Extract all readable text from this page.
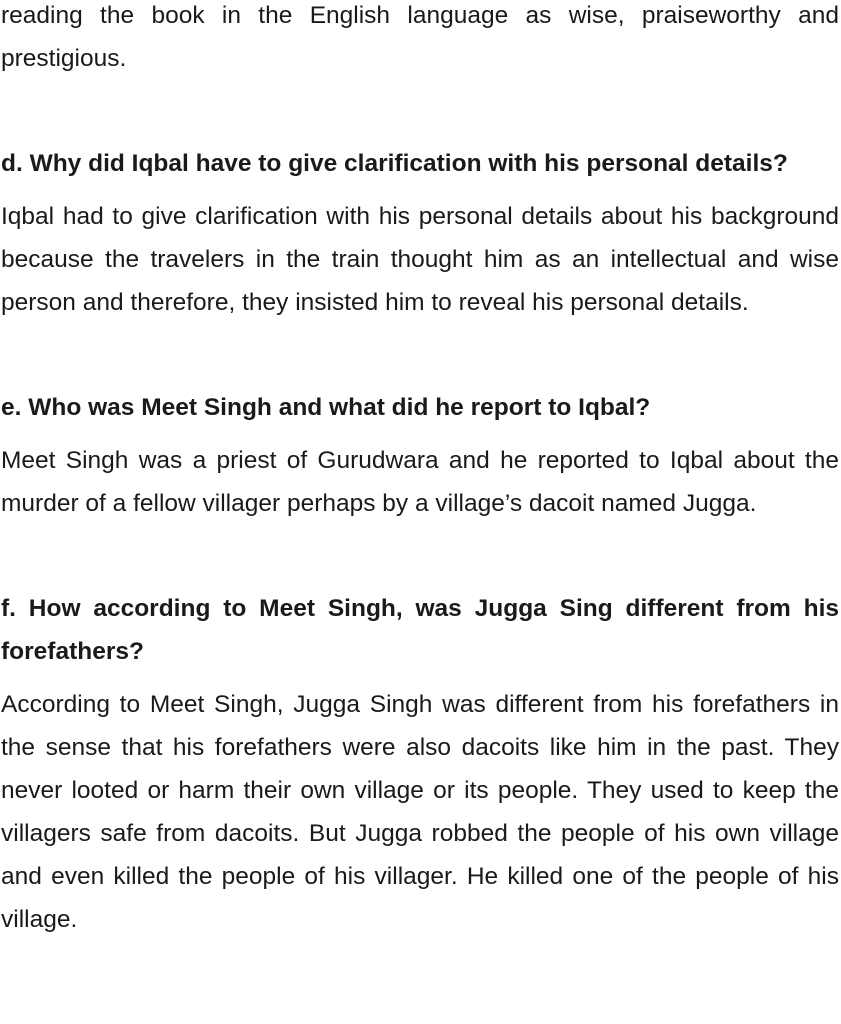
reading the book in the English language as wise, praiseworthy and prestigious.

d. Why did Iqbal have to give clarification with his personal details?

Iqbal had to give clarification with his personal details about his background because the travelers in the train thought him as an intellectual and wise person and therefore, they insisted him to reveal his personal details.

e. Who was Meet Singh and what did he report to Iqbal?

Meet Singh was a priest of Gurudwara and he reported to Iqbal about the murder of a fellow villager perhaps by a village’s dacoit named Jugga.

f. How according to Meet Singh, was Jugga Sing different from his forefathers?

According to Meet Singh, Jugga Singh was different from his forefathers in the sense that his forefathers were also dacoits like him in the past. They never looted or harm their own village or its people. They used to keep the villagers safe from dacoits. But Jugga robbed the people of his own village and even killed the people of his villager. He killed one of the people of his village.
